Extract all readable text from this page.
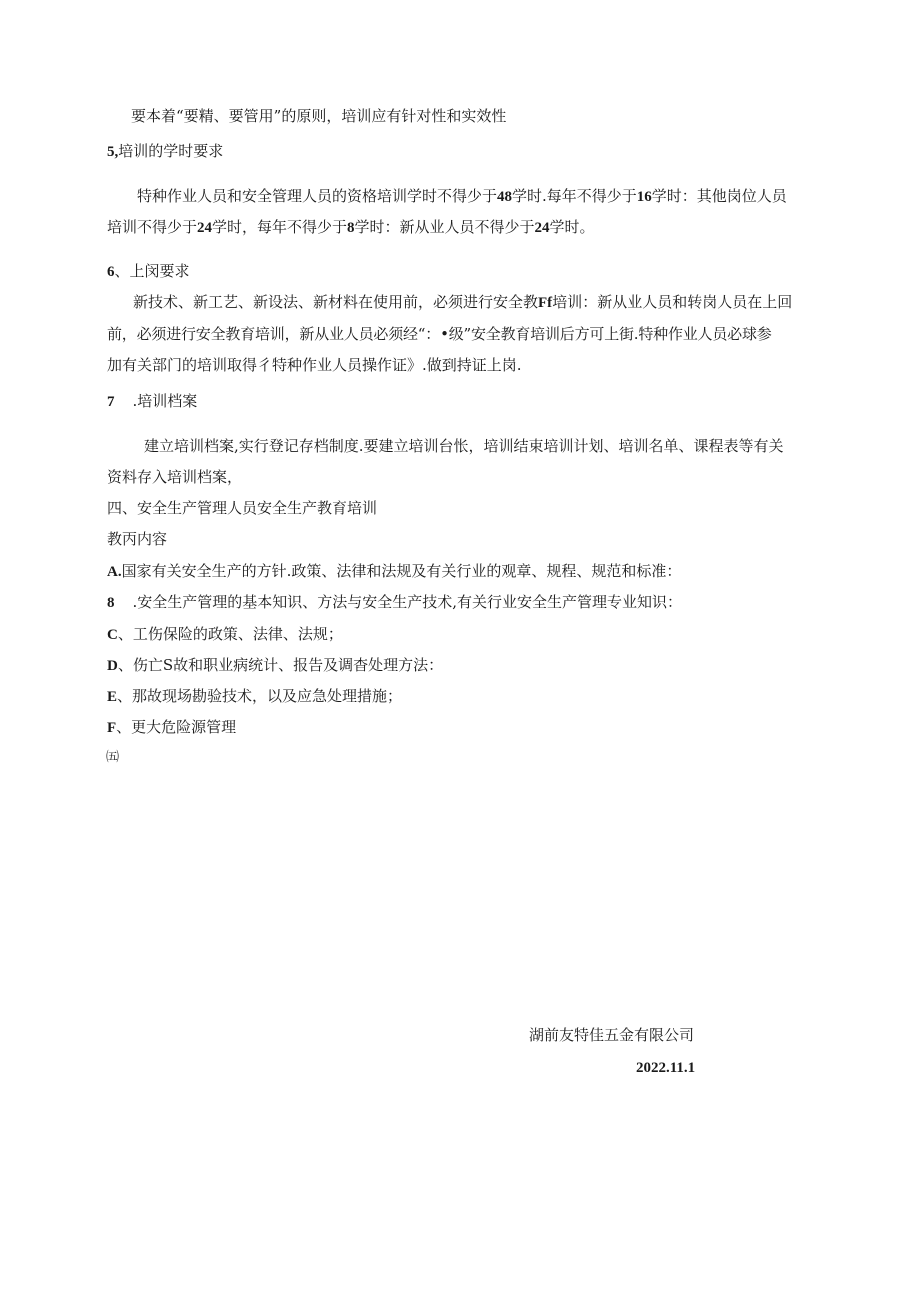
要本着“要精、要管用”的原则，培训应有针对性和实效性
5,培训的学时要求
特种作业人员和安全管理人员的资格培训学时不得少于48学时.每年不得少于16学时：其他岗位人员
培训不得少于24学时，每年不得少于8学时：新从业人员不得少于24学时。
6、上闵要求
新技术、新工艺、新设法、新材料在使用前，必须进行安全教Ff培训：新从业人员和转岗人员在上回
前，必须进行安全教育培训，新从业人员必须经“：•级”安全教育培训后方可上街.特种作业人员必球参
加有关部门的培训取得彳特种作业人员操作证》.做到持证上岗.
7 .培训档案
建立培训档案,实行登记存档制度.要建立培训台怅，培训结束培训计划、培训名单、课程表等有关
资料存入培训档案，
四、安全生产管理人员安全生产教育培训
教丙内容
A.国家有关安全生产的方针.政策、法律和法规及有关行业的观章、规程、规范和标准：
8 .安全生产管理的基本知识、方法与安全生产技术,有关行业安全生产管理专业知识：
C、工伤保险的政策、法律、法规；
D、伤亡S故和职业病统计、报告及调杳处理方法：
E、那故现场勘验技术，以及应急处理措施；
F、更大危险源管理
㈤
湖前友特佳五金有限公司
2022.11.1
